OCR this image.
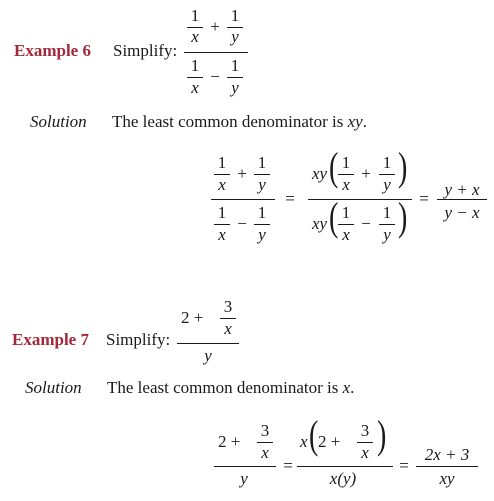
Example 6 Simplify:
1
x
+
1
y
1
x
−
1
y
Solution The least common denominator is xy.
1
x
+
1
y
1
x
−
1
y
=
xy ( 1
x
+
1
y )
xy ( 1
x
−
1
y ) = y + x
y − x
Example 7 Simplify:
2 +
3
x
y
Solution The least common denominator is x.
2 +
3
x
y
=
x ( 2 +
3
x )
x(y)
=
2x + 3
xy
